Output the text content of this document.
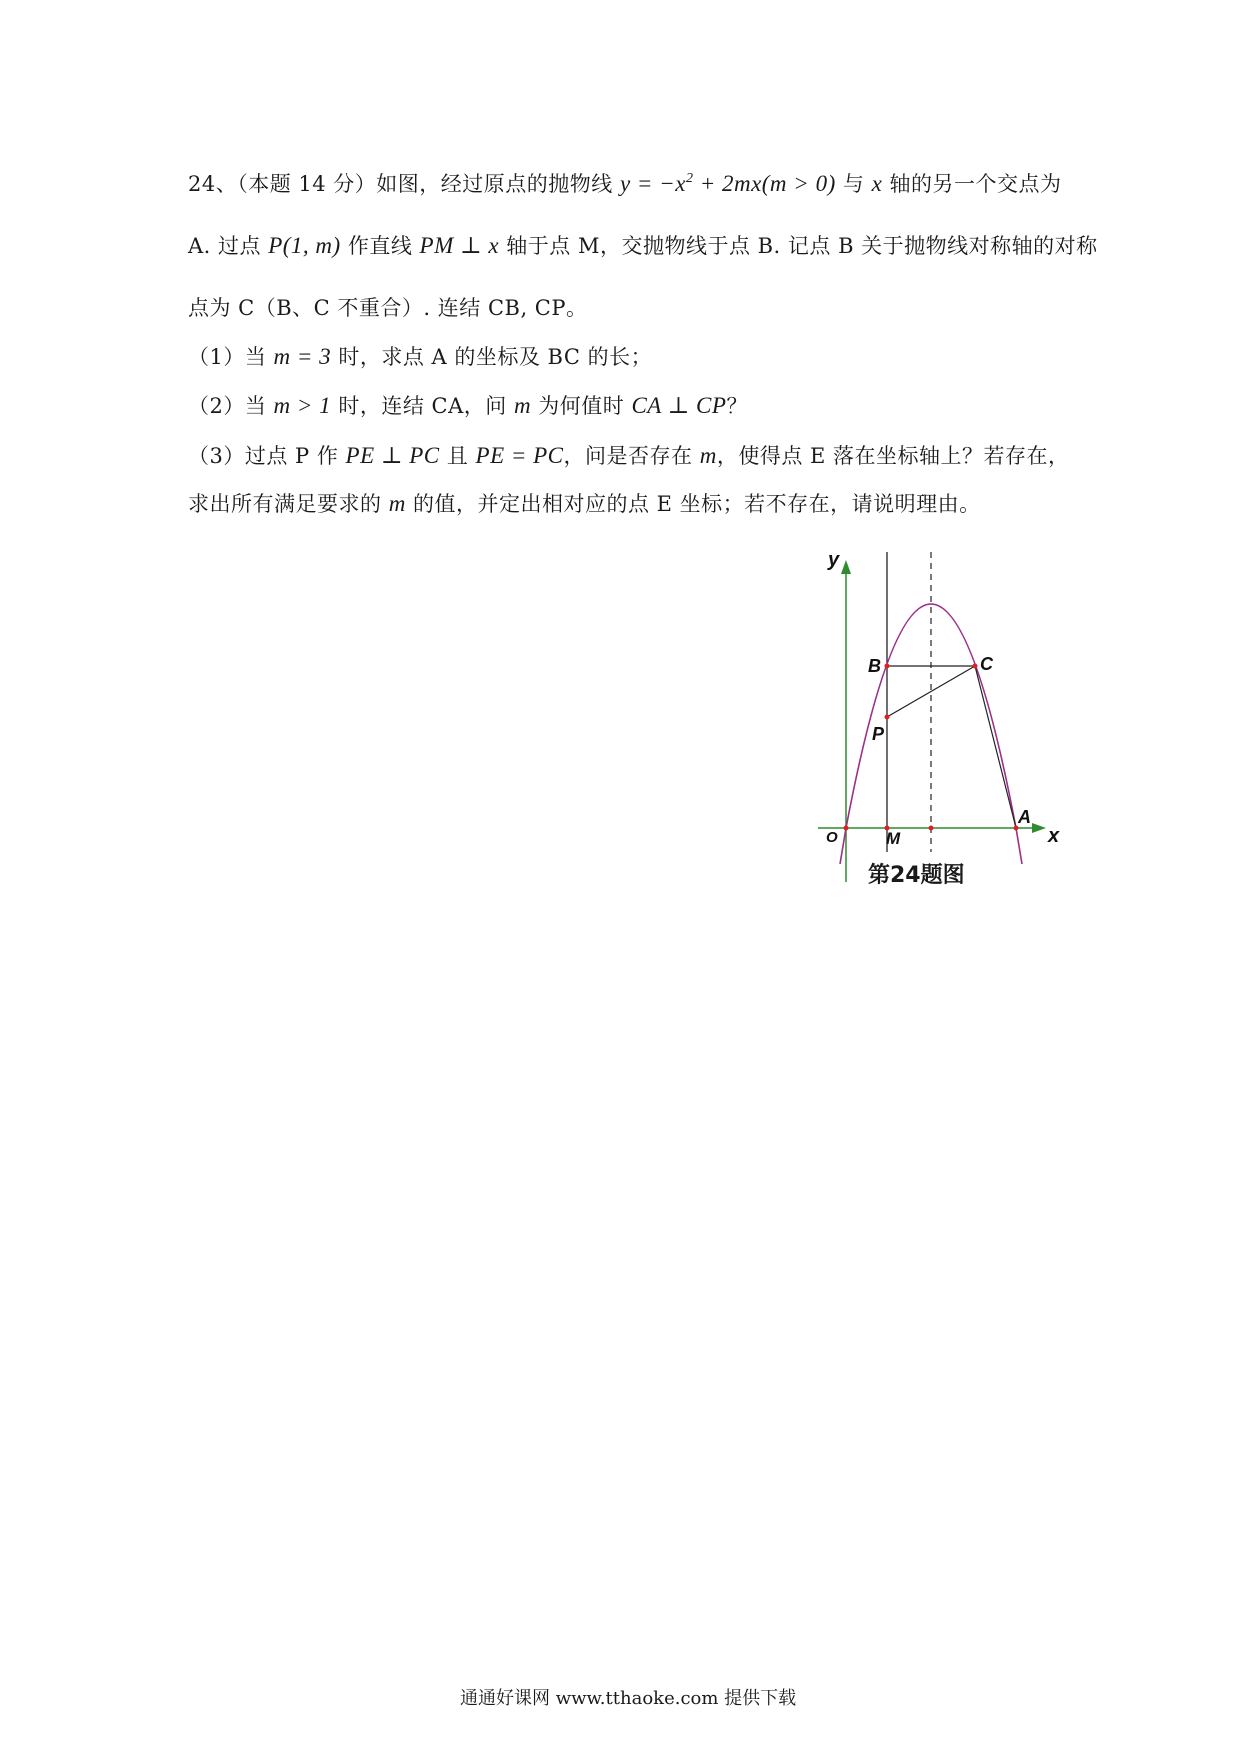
24、（本题 14 分）如图，经过原点的抛物线 $y = -x^2 + 2mx(m > 0)$ 与 x 轴的另一个交点为
A. 过点 P(1, m) 作直线 PM ⊥ x 轴于点 M，交抛物线于点 B. 记点 B 关于抛物线对称轴的对称
点为 C（B、C 不重合）. 连结 CB, CP。
（1）当 m = 3 时，求点 A 的坐标及 BC 的长；
（2）当 m > 1 时，连结 CA，问 m 为何值时 CA ⊥ CP？
（3）过点 P 作 PE ⊥ PC 且 PE = PC，问是否存在 m，使得点 E 落在坐标轴上？若存在，
求出所有满足要求的 m 的值，并定出相对应的点 E 坐标；若不存在，请说明理由。
y
x
O	M
A
B	C
P
第24题图
通通好课网 www.tthaoke.com 提供下载
